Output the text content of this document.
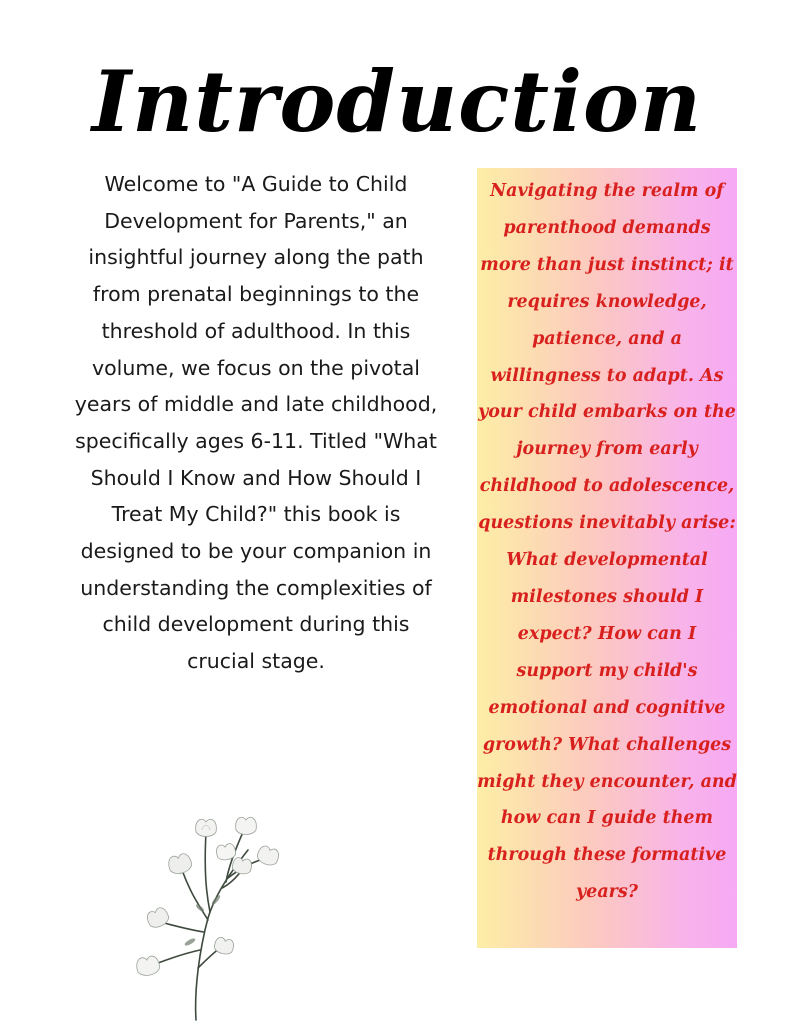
Introduction

Welcome to "A Guide to Child Development for Parents," an insightful journey along the path from prenatal beginnings to the threshold of adulthood. In this volume, we focus on the pivotal years of middle and late childhood, specifically ages 6-11. Titled "What Should I Know and How Should I Treat My Child?" this book is designed to be your companion in understanding the complexities of child development during this crucial stage.

Navigating the realm of parenthood demands more than just instinct; it requires knowledge, patience, and a willingness to adapt. As your child embarks on the journey from early childhood to adolescence, questions inevitably arise: What developmental milestones should I expect? How can I support my child's emotional and cognitive growth? What challenges might they encounter, and how can I guide them through these formative years?
